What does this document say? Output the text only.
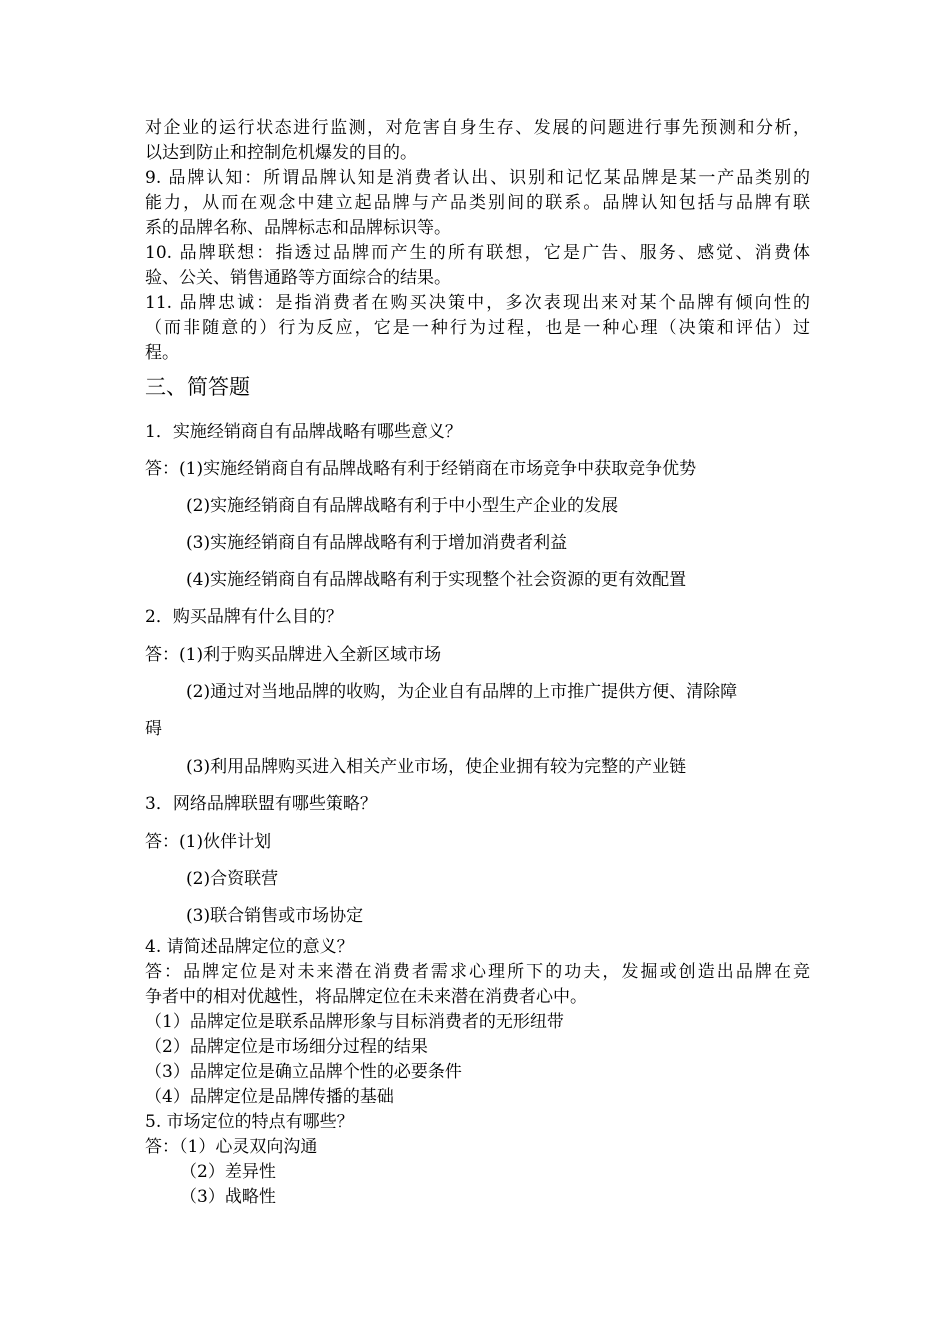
对企业的运行状态进行监测，对危害自身生存、发展的问题进行事先预测和分析，
以达到防止和控制危机爆发的目的。
9. 品牌认知：所谓品牌认知是消费者认出、识别和记忆某品牌是某一产品类别的
能力，从而在观念中建立起品牌与产品类别间的联系。品牌认知包括与品牌有联
系的品牌名称、品牌标志和品牌标识等。
10. 品牌联想：指透过品牌而产生的所有联想，它是广告、服务、感觉、消费体
验、公关、销售通路等方面综合的结果。
11. 品牌忠诚：是指消费者在购买决策中，多次表现出来对某个品牌有倾向性的
（而非随意的）行为反应，它是一种行为过程，也是一种心理（决策和评估）过
程。
三、简答题
1．实施经销商自有品牌战略有哪些意义？
答：(1)实施经销商自有品牌战略有利于经销商在市场竞争中获取竞争优势
(2)实施经销商自有品牌战略有利于中小型生产企业的发展
(3)实施经销商自有品牌战略有利于增加消费者利益
(4)实施经销商自有品牌战略有利于实现整个社会资源的更有效配置
2．购买品牌有什么目的？
答：(1)利于购买品牌进入全新区域市场
(2)通过对当地品牌的收购，为企业自有品牌的上市推广提供方便、清除障
碍
(3)利用品牌购买进入相关产业市场，使企业拥有较为完整的产业链
3．网络品牌联盟有哪些策略？
答：(1)伙伴计划
(2)合资联营
(3)联合销售或市场协定
4. 请简述品牌定位的意义？
答：品牌定位是对未来潜在消费者需求心理所下的功夫，发掘或创造出品牌在竞
争者中的相对优越性，将品牌定位在未来潜在消费者心中。
（1）品牌定位是联系品牌形象与目标消费者的无形纽带
（2）品牌定位是市场细分过程的结果
（3）品牌定位是确立品牌个性的必要条件
（4）品牌定位是品牌传播的基础
5. 市场定位的特点有哪些？
答：（1）心灵双向沟通
（2）差异性
（3）战略性
